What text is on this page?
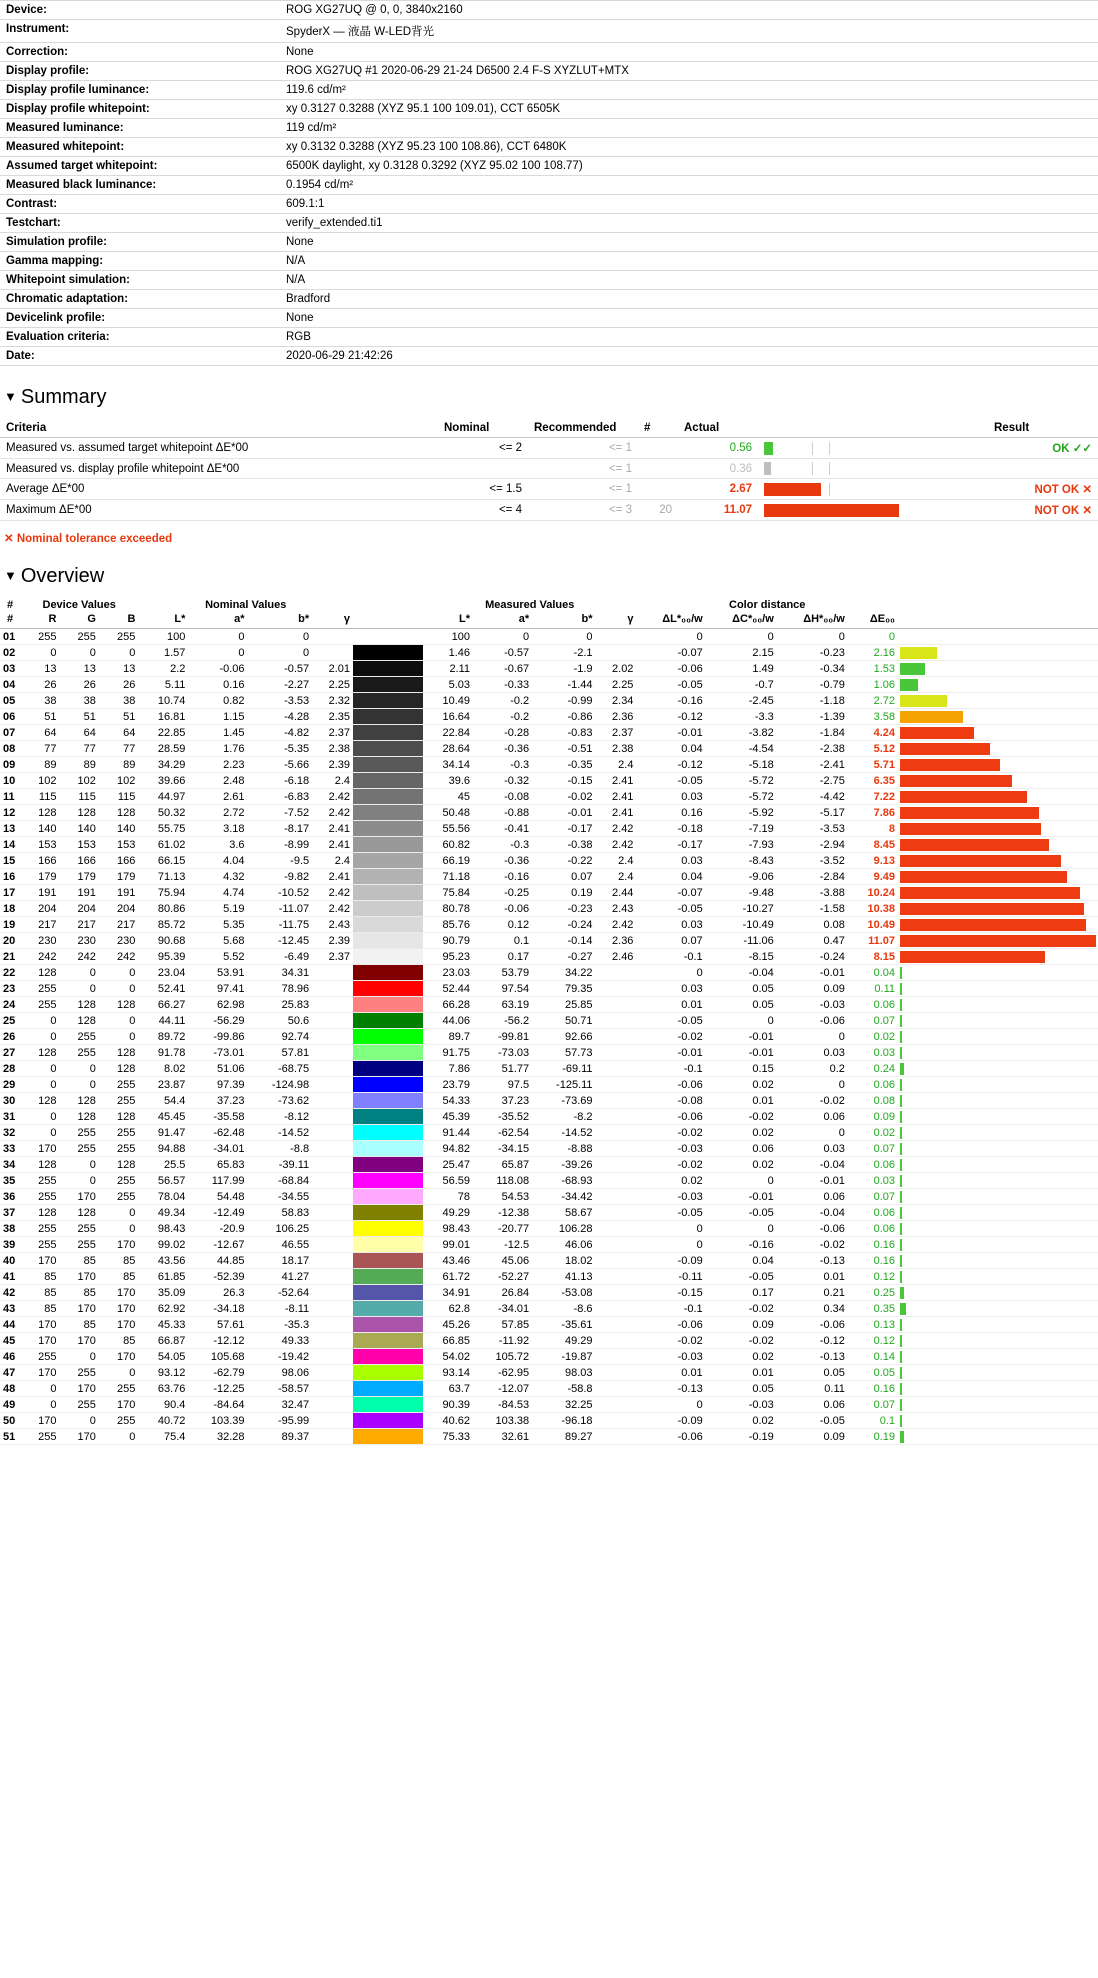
Device:	ROG XG27UQ @ 0, 0, 3840x2160
Instrument:	SpyderX — 液晶 W-LED背光
Correction:	None
Display profile:	ROG XG27UQ #1 2020-06-29 21-24 D6500 2.4 F-S XYZLUT+MTX
Display profile luminance:	119.6 cd/m²
Display profile whitepoint:	xy 0.3127 0.3288 (XYZ 95.1 100 109.01), CCT 6505K
Measured luminance:	119 cd/m²
Measured whitepoint:	xy 0.3132 0.3288 (XYZ 95.23 100 108.86), CCT 6480K
Assumed target whitepoint:	6500K daylight, xy 0.3128 0.3292 (XYZ 95.02 100 108.77)
Measured black luminance:	0.1954 cd/m²
Contrast:	609.1:1
Testchart:	verify_extended.ti1
Simulation profile:	None
Gamma mapping:	N/A
Whitepoint simulation:	N/A
Chromatic adaptation:	Bradford
Devicelink profile:	None
Evaluation criteria:	RGB
Date:	2020-06-29 21:42:26
▼ Summary
Criteria	Nominal	Recommended	#	Actual		Result
Measured vs. assumed target whitepoint ΔE*00	<= 2	<= 1		0.56		OK ✓✓
Measured vs. display profile whitepoint ΔE*00		<= 1		0.36	

Average ΔE*00	<= 1.5	<= 1		2.67		NOT OK ✕
Maximum ΔE*00	<= 4	<= 3	20	11.07		NOT OK ✕
✕ Nominal tolerance exceeded
▼ Overview
#	Device Values			Nominal Values					Measured Values				Color distance				
#	R	G	B	L*	a*	b*	γ		L*	a*	b*	γ	ΔL*₀₀/w	ΔC*₀₀/w	ΔH*₀₀/w	ΔE₀₀	
01	255	255	255	100	0	0			100	0	0		0	0	0	0	

02	0	0	0	1.57	0	0			1.46	-0.57	-2.1		-0.07	2.15	-0.23	2.16	

03	13	13	13	2.2	-0.06	-0.57	2.01		2.11	-0.67	-1.9	2.02	-0.06	1.49	-0.34	1.53	

04	26	26	26	5.11	0.16	-2.27	2.25		5.03	-0.33	-1.44	2.25	-0.05	-0.7	-0.79	1.06	

05	38	38	38	10.74	0.82	-3.53	2.32		10.49	-0.2	-0.99	2.34	-0.16	-2.45	-1.18	2.72	

06	51	51	51	16.81	1.15	-4.28	2.35		16.64	-0.2	-0.86	2.36	-0.12	-3.3	-1.39	3.58	

07	64	64	64	22.85	1.45	-4.82	2.37		22.84	-0.28	-0.83	2.37	-0.01	-3.82	-1.84	4.24	

08	77	77	77	28.59	1.76	-5.35	2.38		28.64	-0.36	-0.51	2.38	0.04	-4.54	-2.38	5.12	

09	89	89	89	34.29	2.23	-5.66	2.39		34.14	-0.3	-0.35	2.4	-0.12	-5.18	-2.41	5.71	

10	102	102	102	39.66	2.48	-6.18	2.4		39.6	-0.32	-0.15	2.41	-0.05	-5.72	-2.75	6.35	

11	115	115	115	44.97	2.61	-6.83	2.42		45	-0.08	-0.02	2.41	0.03	-5.72	-4.42	7.22	

12	128	128	128	50.32	2.72	-7.52	2.42		50.48	-0.88	-0.01	2.41	0.16	-5.92	-5.17	7.86	

13	140	140	140	55.75	3.18	-8.17	2.41		55.56	-0.41	-0.17	2.42	-0.18	-7.19	-3.53	8	

14	153	153	153	61.02	3.6	-8.99	2.41		60.82	-0.3	-0.38	2.42	-0.17	-7.93	-2.94	8.45	

15	166	166	166	66.15	4.04	-9.5	2.4		66.19	-0.36	-0.22	2.4	0.03	-8.43	-3.52	9.13	

16	179	179	179	71.13	4.32	-9.82	2.41		71.18	-0.16	0.07	2.4	0.04	-9.06	-2.84	9.49	

17	191	191	191	75.94	4.74	-10.52	2.42		75.84	-0.25	0.19	2.44	-0.07	-9.48	-3.88	10.24	

18	204	204	204	80.86	5.19	-11.07	2.42		80.78	-0.06	-0.23	2.43	-0.05	-10.27	-1.58	10.38	

19	217	217	217	85.72	5.35	-11.75	2.43		85.76	0.12	-0.24	2.42	0.03	-10.49	0.08	10.49	

20	230	230	230	90.68	5.68	-12.45	2.39		90.79	0.1	-0.14	2.36	0.07	-11.06	0.47	11.07	

21	242	242	242	95.39	5.52	-6.49	2.37		95.23	0.17	-0.27	2.46	-0.1	-8.15	-0.24	8.15	

22	128	0	0	23.04	53.91	34.31			23.03	53.79	34.22		0	-0.04	-0.01	0.04	

23	255	0	0	52.41	97.41	78.96			52.44	97.54	79.35		0.03	0.05	0.09	0.11	

24	255	128	128	66.27	62.98	25.83			66.28	63.19	25.85		0.01	0.05	-0.03	0.06	

25	0	128	0	44.11	-56.29	50.6			44.06	-56.2	50.71		-0.05	0	-0.06	0.07	

26	0	255	0	89.72	-99.86	92.74			89.7	-99.81	92.66		-0.02	-0.01	0	0.02	

27	128	255	128	91.78	-73.01	57.81			91.75	-73.03	57.73		-0.01	-0.01	0.03	0.03	

28	0	0	128	8.02	51.06	-68.75			7.86	51.77	-69.11		-0.1	0.15	0.2	0.24	

29	0	0	255	23.87	97.39	-124.98			23.79	97.5	-125.11		-0.06	0.02	0	0.06	

30	128	128	255	54.4	37.23	-73.62			54.33	37.23	-73.69		-0.08	0.01	-0.02	0.08	

31	0	128	128	45.45	-35.58	-8.12			45.39	-35.52	-8.2		-0.06	-0.02	0.06	0.09	

32	0	255	255	91.47	-62.48	-14.52			91.44	-62.54	-14.52		-0.02	0.02	0	0.02	

33	170	255	255	94.88	-34.01	-8.8			94.82	-34.15	-8.88		-0.03	0.06	0.03	0.07	

34	128	0	128	25.5	65.83	-39.11			25.47	65.87	-39.26		-0.02	0.02	-0.04	0.06	

35	255	0	255	56.57	117.99	-68.84			56.59	118.08	-68.93		0.02	0	-0.01	0.03	

36	255	170	255	78.04	54.48	-34.55			78	54.53	-34.42		-0.03	-0.01	0.06	0.07	

37	128	128	0	49.34	-12.49	58.83			49.29	-12.38	58.67		-0.05	-0.05	-0.04	0.06	

38	255	255	0	98.43	-20.9	106.25			98.43	-20.77	106.28		0	0	-0.06	0.06	

39	255	255	170	99.02	-12.67	46.55			99.01	-12.5	46.06		0	-0.16	-0.02	0.16	

40	170	85	85	43.56	44.85	18.17			43.46	45.06	18.02		-0.09	0.04	-0.13	0.16	

41	85	170	85	61.85	-52.39	41.27			61.72	-52.27	41.13		-0.11	-0.05	0.01	0.12	

42	85	85	170	35.09	26.3	-52.64			34.91	26.84	-53.08		-0.15	0.17	0.21	0.25	

43	85	170	170	62.92	-34.18	-8.11			62.8	-34.01	-8.6		-0.1	-0.02	0.34	0.35	

44	170	85	170	45.33	57.61	-35.3			45.26	57.85	-35.61		-0.06	0.09	-0.06	0.13	

45	170	170	85	66.87	-12.12	49.33			66.85	-11.92	49.29		-0.02	-0.02	-0.12	0.12	

46	255	0	170	54.05	105.68	-19.42			54.02	105.72	-19.87		-0.03	0.02	-0.13	0.14	

47	170	255	0	93.12	-62.79	98.06			93.14	-62.95	98.03		0.01	0.01	0.05	0.05	

48	0	170	255	63.76	-12.25	-58.57			63.7	-12.07	-58.8		-0.13	0.05	0.11	0.16	

49	0	255	170	90.4	-84.64	32.47			90.39	-84.53	32.25		0	-0.03	0.06	0.07	

50	170	0	255	40.72	103.39	-95.99			40.62	103.38	-96.18		-0.09	0.02	-0.05	0.1	

51	255	170	0	75.4	32.28	89.37			75.33	32.61	89.27		-0.06	-0.19	0.09	0.19	
